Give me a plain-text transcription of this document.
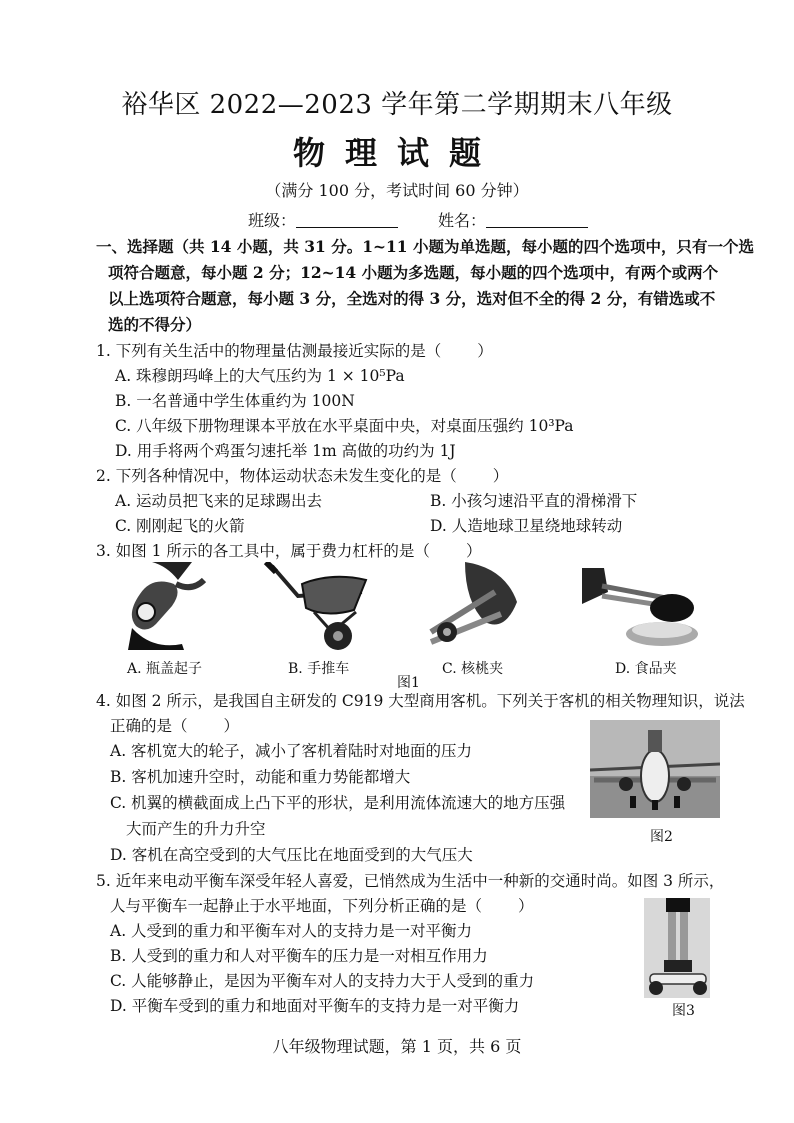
裕华区 2022—2023 学年第二学期期末八年级
物理试题
（满分 100 分，考试时间 60 分钟）
班级：	姓名：
一、选择题（共 14 小题，共 31 分。1~11 小题为单选题，每小题的四个选项中，只有一个选
项符合题意，每小题 2 分；12~14 小题为多选题，每小题的四个选项中，有两个或两个
以上选项符合题意，每小题 3 分，全选对的得 3 分，选对但不全的得 2 分，有错选或不
选的不得分）
1. 下列有关生活中的物理量估测最接近实际的是（ ）
A. 珠穆朗玛峰上的大气压约为 1 × 10⁵Pa
B. 一名普通中学生体重约为 100N
C. 八年级下册物理课本平放在水平桌面中央，对桌面压强约 10³Pa
D. 用手将两个鸡蛋匀速托举 1m 高做的功约为 1J
2. 下列各种情况中，物体运动状态未发生变化的是（ ）
A. 运动员把飞来的足球踢出去	B. 小孩匀速沿平直的滑梯滑下
C. 刚刚起飞的火箭	D. 人造地球卫星绕地球转动
3. 如图 1 所示的各工具中，属于费力杠杆的是（ ）
A. 瓶盖起子	B. 手推车	C. 核桃夹	D. 食品夹
图1
4. 如图 2 所示，是我国自主研发的 C919 大型商用客机。下列关于客机的相关物理知识，说法
正确的是（ ）
A. 客机宽大的轮子，减小了客机着陆时对地面的压力
B. 客机加速升空时，动能和重力势能都增大
C. 机翼的横截面成上凸下平的形状，是利用流体流速大的地方压强
大而产生的升力升空
D. 客机在高空受到的大气压比在地面受到的大气压大
图2
5. 近年来电动平衡车深受年轻人喜爱，已悄然成为生活中一种新的交通时尚。如图 3 所示，
人与平衡车一起静止于水平地面，下列分析正确的是（ ）
A. 人受到的重力和平衡车对人的支持力是一对平衡力
B. 人受到的重力和人对平衡车的压力是一对相互作用力
C. 人能够静止，是因为平衡车对人的支持力大于人受到的重力
D. 平衡车受到的重力和地面对平衡车的支持力是一对平衡力	图3
八年级物理试题，第 1 页，共 6 页
